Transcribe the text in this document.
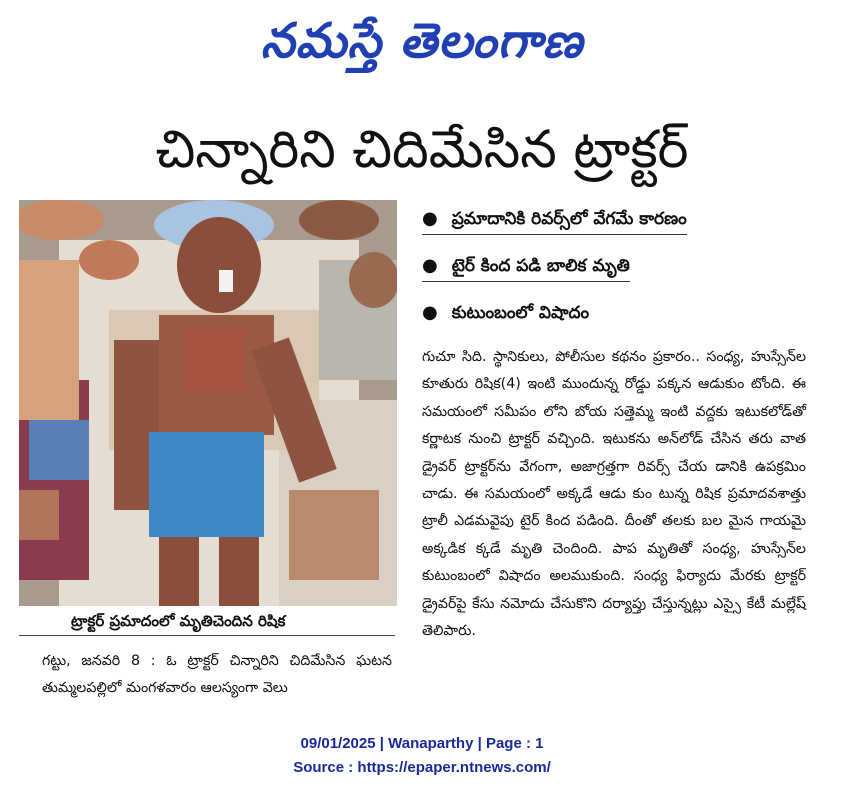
నమస్తే తెలంగాణ
చిన్నారిని చిదిమేసిన ట్రాక్టర్
ట్రాక్టర్ ప్రమాదంలో మృతిచెందిన రిషిక
● ప్రమాదానికి రివర్స్‌లో వేగమే కారణం
● టైర్ కింద పడి బాలిక మృతి
● కుటుంబంలో విషాదం
గుచూ సిది. స్థానికులు, పోలీసుల కథనం ప్రకారం.. సంధ్య, హుస్సేన్‌ల కూతురు రిషిక(4) ఇంటి ముందున్న రోడ్డు పక్కన ఆడుకుం టోంది. ఈ సమయంలో సమీపం లోని బోయ సత్తెమ్మ ఇంటి వద్దకు ఇటుకలోడ్‌తో కర్ణాటక నుంచి ట్రాక్టర్ వచ్చింది. ఇటుకను అన్‌లోడ్ చేసిన తరు వాత డ్రైవర్ ట్రాక్టర్‌ను వేగంగా, అజాగ్రత్తగా రివర్స్ చేయ డానికి ఉపక్రమిం చాడు. ఈ సమయంలో అక్కడే ఆడు కుం టున్న రిషిక ప్రమాదవశాత్తు ట్రాలీ ఎడమవైపు టైర్ కింద పడింది. దీంతో తలకు బల మైన గాయమై అక్కడిక క్కడే మృతి చెందింది. పాప మృతితో సంధ్య, హుస్సేన్‌ల కుటుంబంలో విషాదం అలముకుంది. సంధ్య ఫిర్యాదు మేరకు ట్రాక్టర్ డ్రైవర్‌పై కేసు నమోదు చేసుకొని దర్యాప్తు చేస్తున్నట్లు ఎస్సై కేటీ మల్లేష్ తెలిపారు.
గట్టు, జనవరి 8 : ఓ ట్రాక్టర్ చిన్నారిని చిదిమేసిన ఘటన తుమ్మలపల్లిలో మంగళవారం ఆలస్యంగా వెలు
09/01/2025 | Wanaparthy | Page : 1
Source : https://epaper.ntnews.com/
